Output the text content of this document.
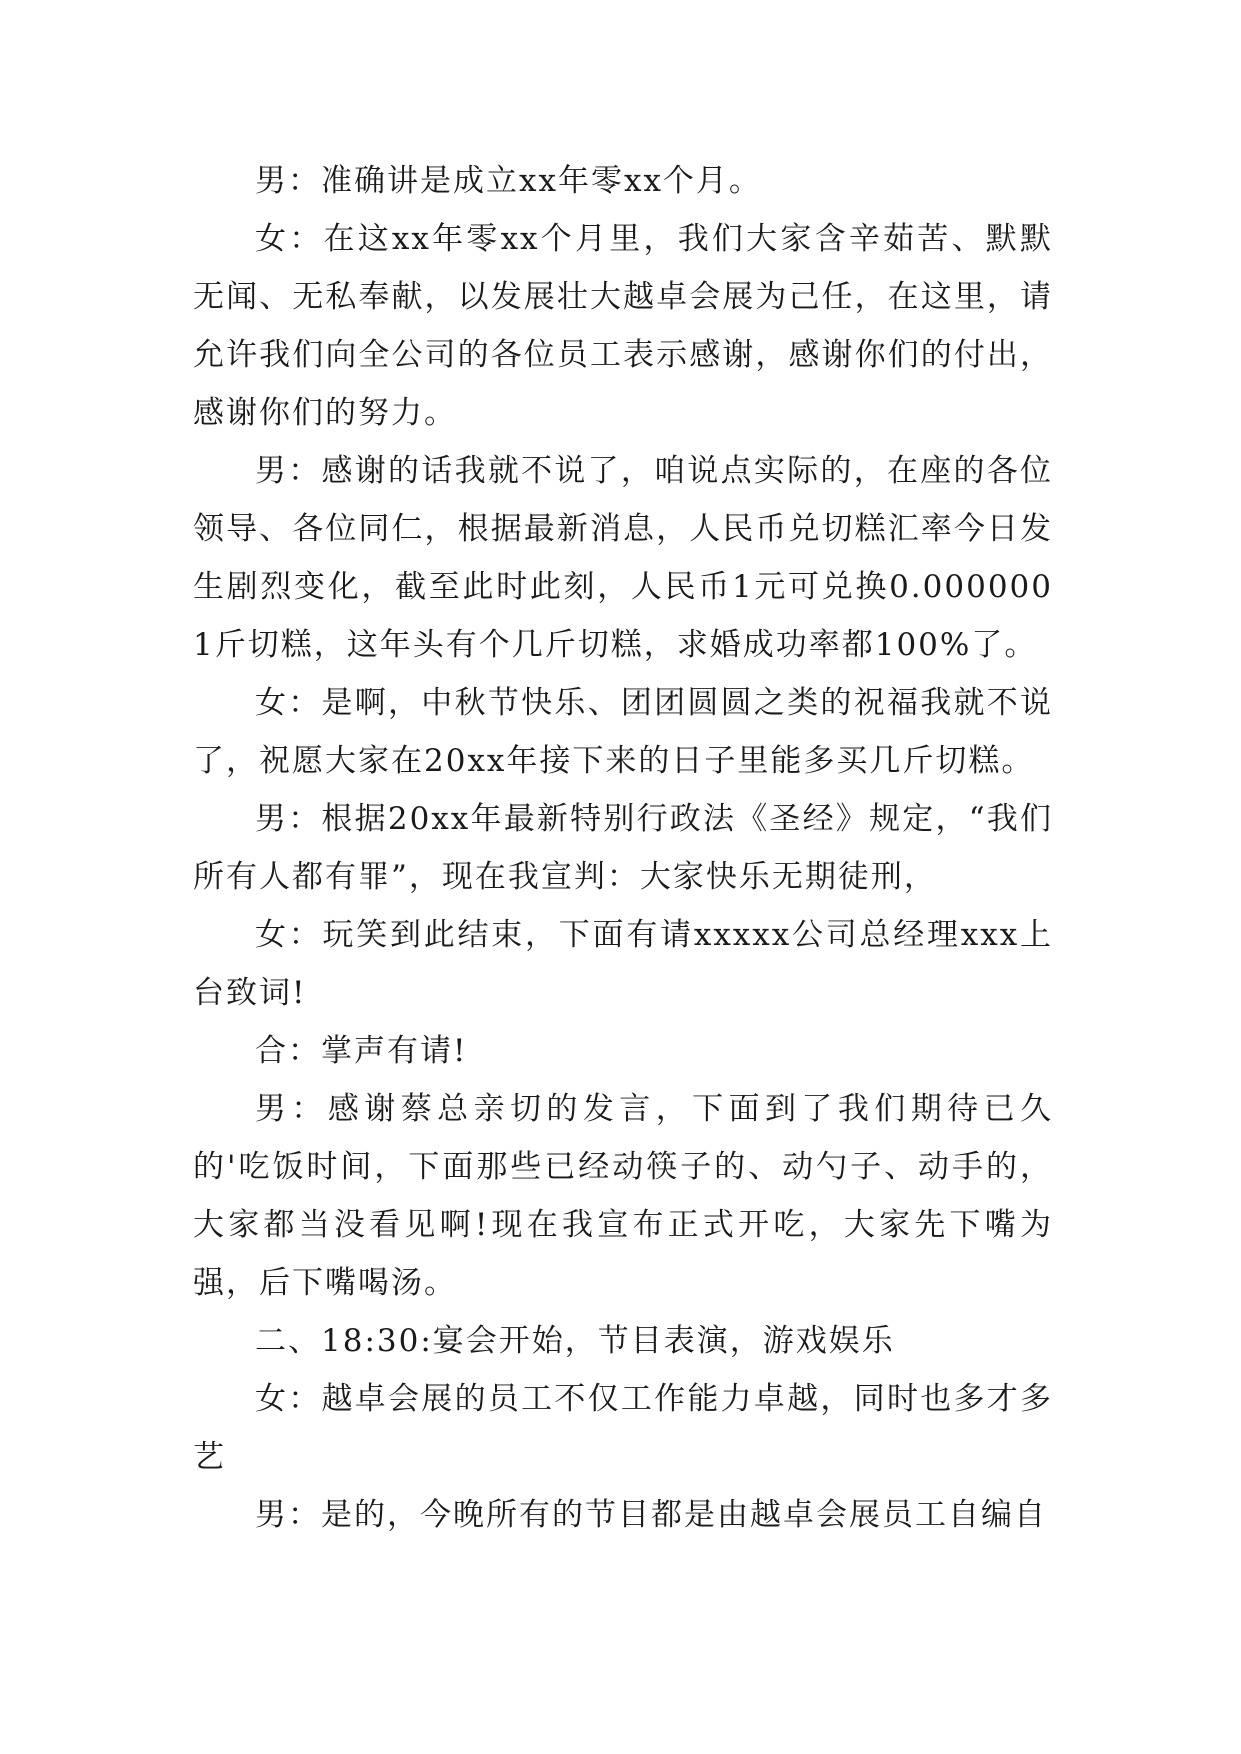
男：准确讲是成立xx年零xx个月。

女：在这xx年零xx个月里，我们大家含辛茹苦、默默无闻、无私奉献，以发展壮大越卓会展为己任，在这里，请允许我们向全公司的各位员工表示感谢，感谢你们的付出，感谢你们的努力。

男：感谢的话我就不说了，咱说点实际的，在座的各位领导、各位同仁，根据最新消息，人民币兑切糕汇率今日发生剧烈变化，截至此时此刻，人民币1元可兑换0.0000001斤切糕，这年头有个几斤切糕，求婚成功率都100%了。

女：是啊，中秋节快乐、团团圆圆之类的祝福我就不说了，祝愿大家在20xx年接下来的日子里能多买几斤切糕。

男：根据20xx年最新特别行政法《圣经》规定，“我们所有人都有罪”，现在我宣判：大家快乐无期徒刑，

女：玩笑到此结束，下面有请xxxxx公司总经理xxx上台致词!

合：掌声有请!

男：感谢蔡总亲切的发言，下面到了我们期待已久的'吃饭时间，下面那些已经动筷子的、动勺子、动手的，大家都当没看见啊!现在我宣布正式开吃，大家先下嘴为强，后下嘴喝汤。

二、18:30:宴会开始，节目表演，游戏娱乐

女：越卓会展的员工不仅工作能力卓越，同时也多才多艺

男：是的，今晚所有的节目都是由越卓会展员工自编自
